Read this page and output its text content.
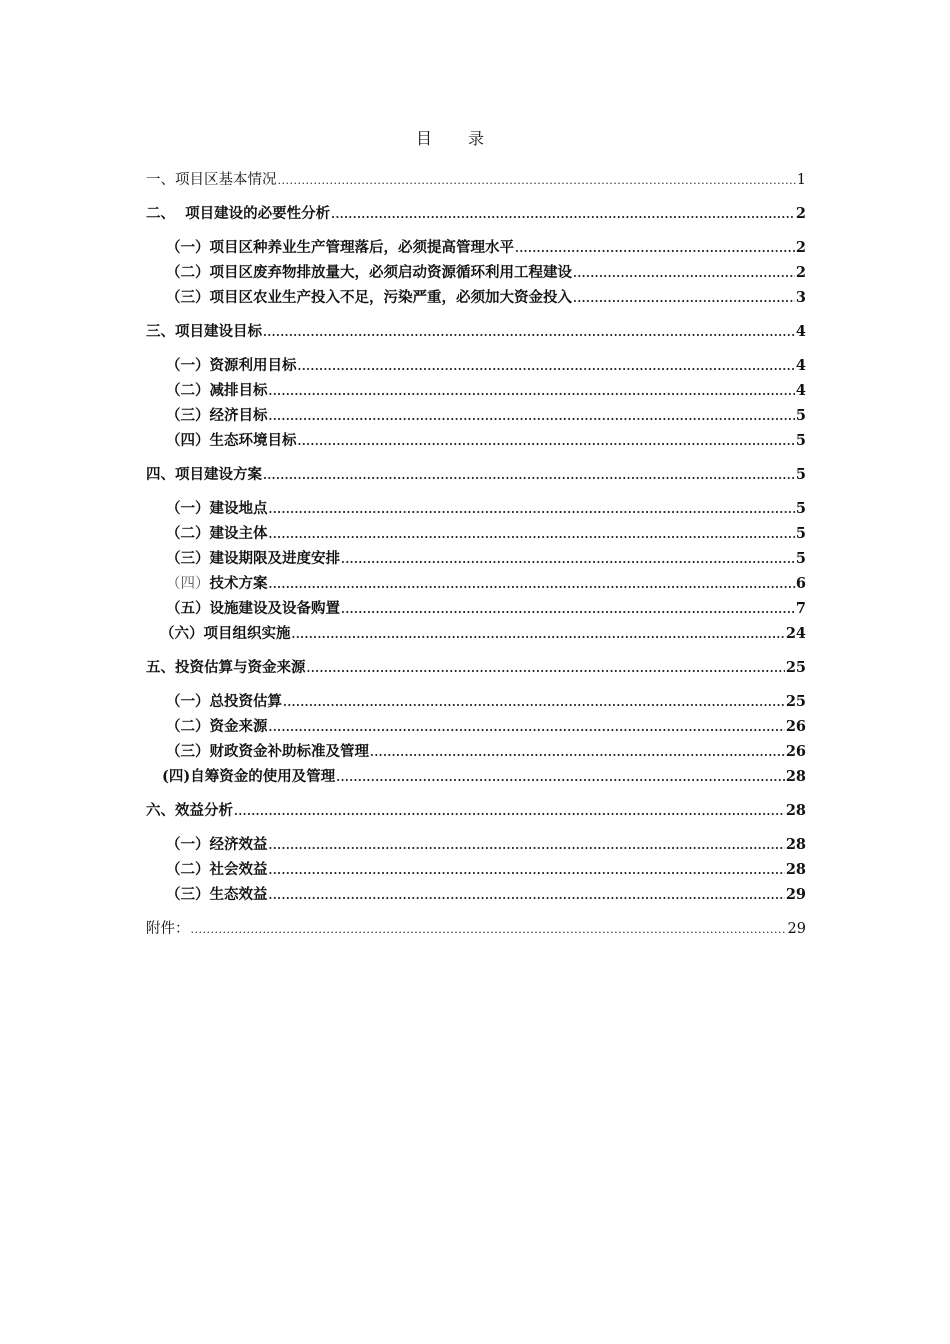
目 录
一、项目区基本情况 .....	1
二、  项目建设的必要性分析 .....	2
（一）项目区种养业生产管理落后，必须提高管理水平 .....	2
（二）项目区废弃物排放量大，必须启动资源循环利用工程建设 .....	2
（三）项目区农业生产投入不足，污染严重，必须加大资金投入 .....	3
三、项目建设目标 .....	4
（一）资源利用目标 .....	4
（二）减排目标 .....	4
（三）经济目标 .....	5
（四）生态环境目标 .....	5
四、项目建设方案 .....	5
（一）建设地点 .....	5
（二）建设主体 .....	5
（三）建设期限及进度安排 .....	5
（四）技术方案 .....	6
（五）设施建设及设备购置 .....	7
（六）项目组织实施 .....	24
五、投资估算与资金来源 .....	25
（一）总投资估算 .....	25
（二）资金来源 .....	26
（三）财政资金补助标准及管理 .....	26
(四)自筹资金的使用及管理 .....	28
六、效益分析 .....	28
（一）经济效益 .....	28
（二）社会效益 .....	28
（三）生态效益 .....	29
附件： .....	29
